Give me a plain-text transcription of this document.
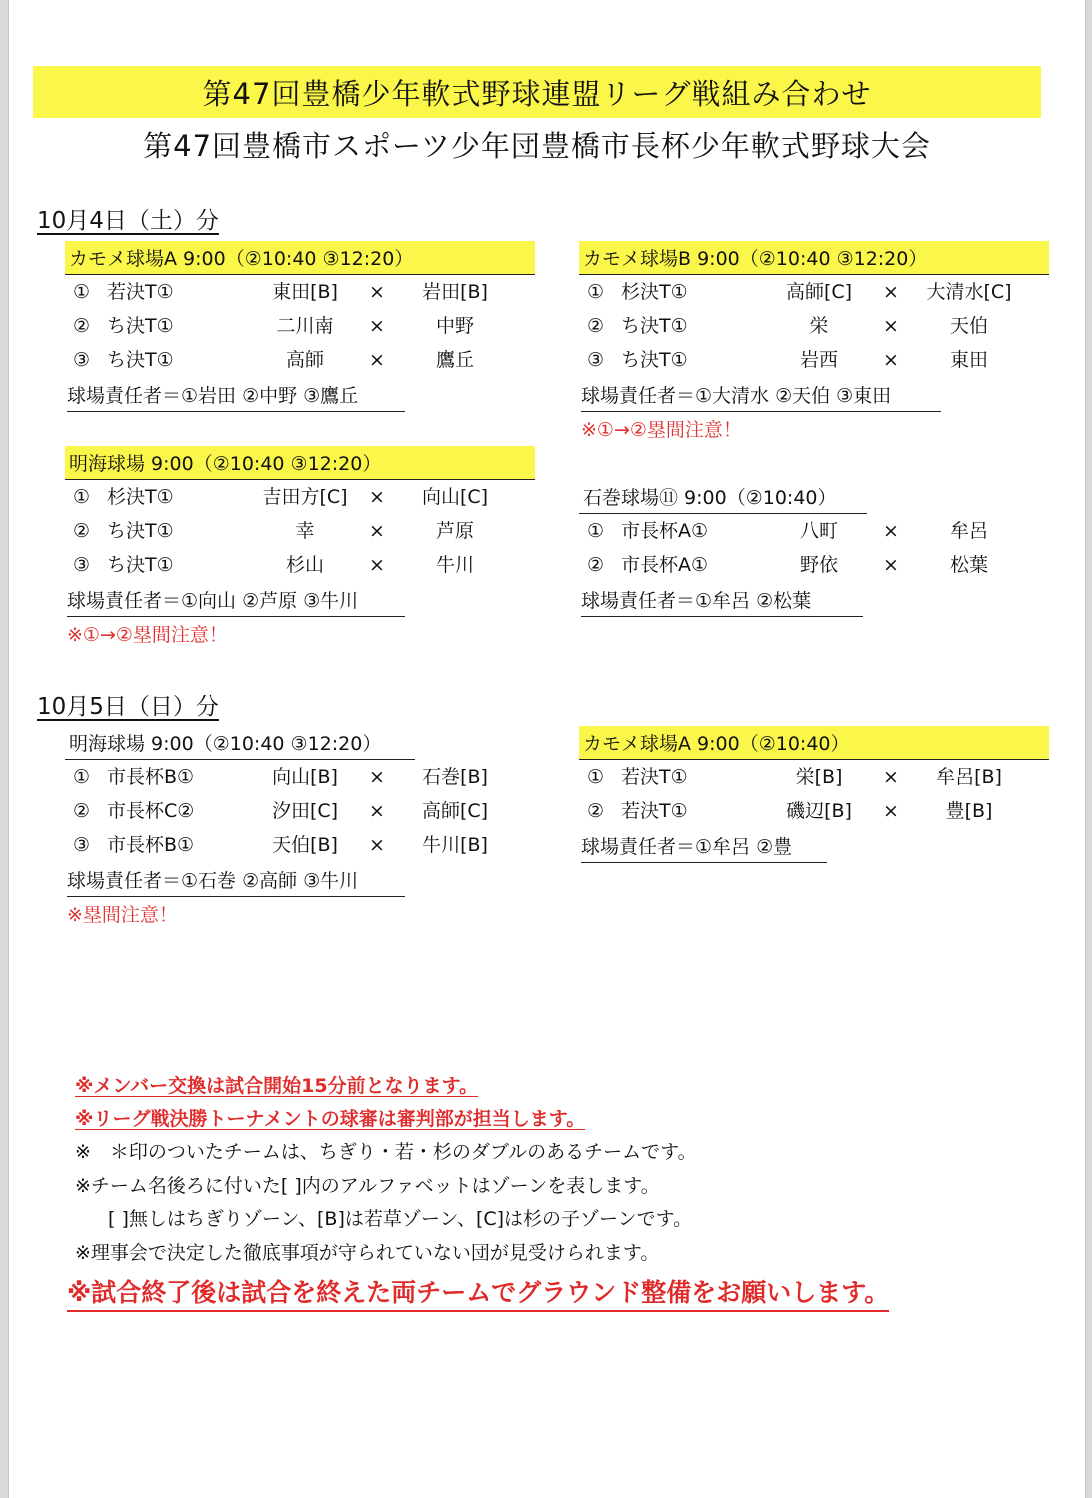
第47回豊橋少年軟式野球連盟リーグ戦組み合わせ
第47回豊橋市スポーツ少年団豊橋市長杯少年軟式野球大会
10月4日（土）分
10月5日（日）分
カモメ球場A 9:00（②10:40 ③12:20）
① 若決T①	東田[B]	×	岩田[B]
② ち決T①	二川南	×	中野
③ ち決T①	高師	×	鷹丘
球場責任者＝①岩田 ②中野 ③鷹丘
カモメ球場B 9:00（②10:40 ③12:20）
① 杉決T①	高師[C]	× 大清水[C]
② ち決T①	栄	×	天伯
③ ち決T①	岩西	×	東田
球場責任者＝①大清水 ②天伯 ③東田
※①→②塁間注意！
明海球場 9:00（②10:40 ③12:20）
① 杉決T①	吉田方[C]	×	向山[C]
② ち決T①	幸	×	芦原
③ ち決T①	杉山	×	牛川
球場責任者＝①向山 ②芦原 ③牛川
※①→②塁間注意！
石巻球場⑪ 9:00（②10:40）
① 市長杯A①	八町	×	牟呂
② 市長杯A①	野依	×	松葉
球場責任者＝①牟呂 ②松葉
明海球場 9:00（②10:40 ③12:20）
① 市長杯B①	向山[B]	×	石巻[B]
② 市長杯C②	汐田[C]	×	高師[C]
③ 市長杯B①	天伯[B]	×	牛川[B]
球場責任者＝①石巻 ②高師 ③牛川
※塁間注意！
カモメ球場A 9:00（②10:40）
① 若決T①	栄[B]	×	牟呂[B]
② 若決T①	磯辺[B]	×	豊[B]
球場責任者＝①牟呂 ②豊
※メンバー交換は試合開始15分前となります。
※リーグ戦決勝トーナメントの球審は審判部が担当します。
※　＊印のついたチームは、ちぎり・若・杉のダブルのあるチームです。
※チーム名後ろに付いた[ ]内のアルファベットはゾーンを表します。
　 [ ]無しはちぎりゾーン、[B]は若草ゾーン、[C]は杉の子ゾーンです。
※理事会で決定した徹底事項が守られていない団が見受けられます。
※試合終了後は試合を終えた両チームでグラウンド整備をお願いします。
